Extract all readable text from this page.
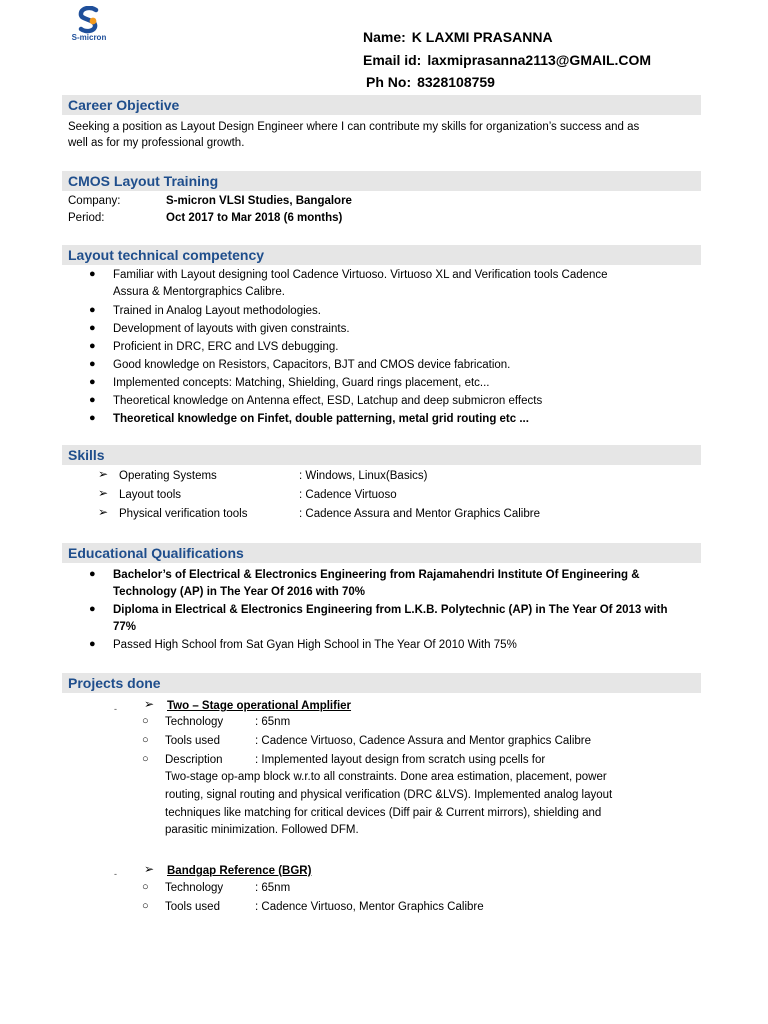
S-micron	Name: K LAXMI PRASANNA
Email id: laxmiprasanna2113@GMAIL.COM
Ph No: 8328108759
Career Objective
Seeking a position as Layout Design Engineer where I can contribute my skills for organization’s success and as
well as for my professional growth.
CMOS Layout Training
Company:	S-micron VLSI Studies, Bangalore
Period:	Oct 2017 to Mar 2018 (6 months)
Layout technical competency
● Familiar with Layout designing tool Cadence Virtuoso. Virtuoso XL and Verification tools Cadence
Assura & Mentorgraphics Calibre.
● Trained in Analog Layout methodologies.
● Development of layouts with given constraints.
● Proficient in DRC, ERC and LVS debugging.
● Good knowledge on Resistors, Capacitors, BJT and CMOS device fabrication.
● Implemented concepts: Matching, Shielding, Guard rings placement, etc...
● Theoretical knowledge on Antenna effect, ESD, Latchup and deep submicron effects
● Theoretical knowledge on Finfet, double patterning, metal grid routing etc ...
Skills
➢ Operating Systems	: Windows, Linux(Basics)
➢ Layout tools	: Cadence Virtuoso
➢ Physical verification tools	: Cadence Assura and Mentor Graphics Calibre
Educational Qualifications
● Bachelor’s of Electrical & Electronics Engineering from Rajamahendri Institute Of Engineering &
Technology (AP) in The Year Of 2016 with 70%
● Diploma in Electrical & Electronics Engineering from L.K.B. Polytechnic (AP) in The Year Of 2013 with
77%
● Passed High School from Sat Gyan High School in The Year Of 2010 With 75%
Projects done
- ➢ Two – Stage operational Amplifier
○ Technology	: 65nm
○ Tools used	: Cadence Virtuoso, Cadence Assura and Mentor graphics Calibre
○ Description	: Implemented layout design from scratch using pcells for
Two-stage op-amp block w.r.to all constraints. Done area estimation, placement, power
routing, signal routing and physical verification (DRC &LVS). Implemented analog layout
techniques like matching for critical devices (Diff pair & Current mirrors), shielding and
parasitic minimization. Followed DFM.
- ➢ Bandgap Reference (BGR)
○ Technology	: 65nm
○ Tools used	: Cadence Virtuoso, Mentor Graphics Calibre
